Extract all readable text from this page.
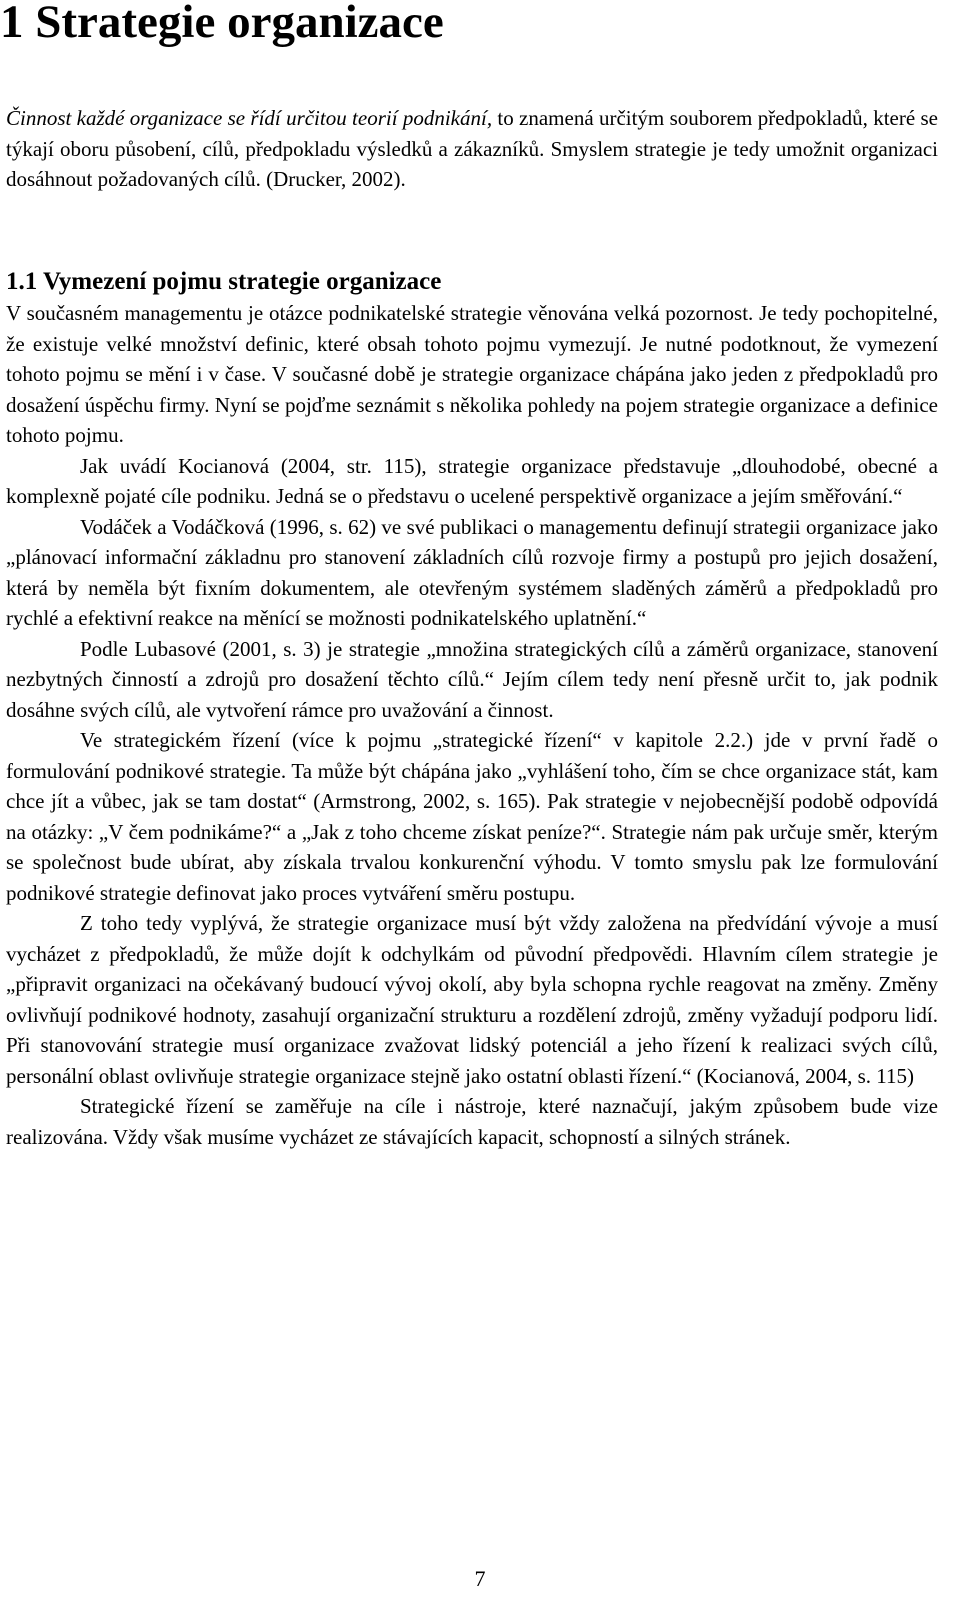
1 Strategie organizace

Činnost každé organizace se řídí určitou teorií podnikání, to znamená určitým souborem předpokladů, které se týkají oboru působení, cílů, předpokladu výsledků a zákazníků. Smyslem strategie je tedy umožnit organizaci dosáhnout požadovaných cílů. (Drucker, 2002).

1.1 Vymezení pojmu strategie organizace

V současném managementu je otázce podnikatelské strategie věnována velká pozornost. Je tedy pochopitelné, že existuje velké množství definic, které obsah tohoto pojmu vymezují. Je nutné podotknout, že vymezení tohoto pojmu se mění i v čase. V současné době je strategie organizace chápána jako jeden z předpokladů pro dosažení úspěchu firmy. Nyní se pojďme seznámit s několika pohledy na pojem strategie organizace a definice tohoto pojmu.

Jak uvádí Kocianová (2004, str. 115), strategie organizace představuje „dlouhodobé, obecné a komplexně pojaté cíle podniku. Jedná se o představu o ucelené perspektivě organizace a jejím směřování.“

Vodáček a Vodáčková (1996, s. 62) ve své publikaci o managementu definují strategii organizace jako „plánovací informační základnu pro stanovení základních cílů rozvoje firmy a postupů pro jejich dosažení, která by neměla být fixním dokumentem, ale otevřeným systémem sladěných záměrů a předpokladů pro rychlé a efektivní reakce na měnící se možnosti podnikatelského uplatnění.“

Podle Lubasové (2001, s. 3) je strategie „množina strategických cílů a záměrů organizace, stanovení nezbytných činností a zdrojů pro dosažení těchto cílů.“ Jejím cílem tedy není přesně určit to, jak podnik dosáhne svých cílů, ale vytvoření rámce pro uvažování a činnost.

Ve strategickém řízení (více k pojmu „strategické řízení“ v kapitole 2.2.) jde v první řadě o formulování podnikové strategie. Ta může být chápána jako „vyhlášení toho, čím se chce organizace stát, kam chce jít a vůbec, jak se tam dostat“ (Armstrong, 2002, s. 165). Pak strategie v nejobecnější podobě odpovídá na otázky: „V čem podnikáme?“ a „Jak z toho chceme získat peníze?“. Strategie nám pak určuje směr, kterým se společnost bude ubírat, aby získala trvalou konkurenční výhodu. V tomto smyslu pak lze formulování podnikové strategie definovat jako proces vytváření směru postupu.

Z toho tedy vyplývá, že strategie organizace musí být vždy založena na předvídání vývoje a musí vycházet z předpokladů, že může dojít k odchylkám od původní předpovědi. Hlavním cílem strategie je „připravit organizaci na očekávaný budoucí vývoj okolí, aby byla schopna rychle reagovat na změny. Změny ovlivňují podnikové hodnoty, zasahují organizační strukturu a rozdělení zdrojů, změny vyžadují podporu lidí. Při stanovování strategie musí organizace zvažovat lidský potenciál a jeho řízení k realizaci svých cílů, personální oblast ovlivňuje strategie organizace stejně jako ostatní oblasti řízení.“ (Kocianová, 2004, s. 115)

Strategické řízení se zaměřuje na cíle i nástroje, které naznačují, jakým způsobem bude vize realizována. Vždy však musíme vycházet ze stávajících kapacit, schopností a silných stránek.

7
